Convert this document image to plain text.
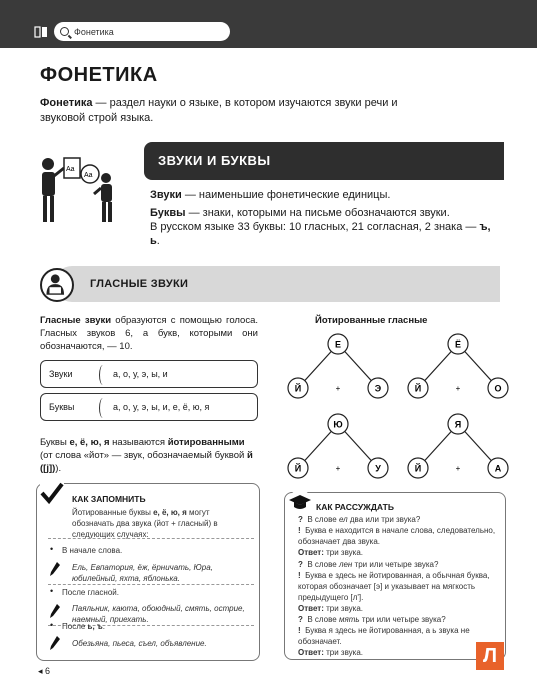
Фонетика
ФОНЕТИКА
Фонетика — раздел науки о языке, в котором изучаются звуки речи и звуковой строй языка.
Aa
Aa
ЗВУКИ И БУКВЫ

Звуки — наименьшие фонетические единицы.

Буквы — знаки, которыми на письме обозначаются звуки.

В русском языке 33 буквы: 10 гласных, 21 согласная, 2 знака — ъ, ь.

ГЛАСНЫЕ ЗВУКИ
Гласные звуки образуются с помощью голоса. Гласных звуков 6, а букв, которыми они обозначаются, — 10.
Звуки	а, о, у, э, ы, и
Буквы	а, о, у, э, ы, и, е, ё, ю, я
Буквы е, ё, ю, я называются йотированными (от слова «йот» — звук, обозначаемый буквой й ([j])).
Йотированные гласные
Е
Й	Э
+
Ё
Й	О
+
Ю
Й	У
+
Я
Й	А
+
КАК ЗАПОМНИТЬ
Йотированные буквы е, ё, ю, я могут обозначать два звука (йот + гласный) в следующих случаях:
• В начале слова.
Ель, Евпатория, ёж, ёрничать, Юра, юбилейный, яхта, яблонька.
• После гласной.
Паяльник, каюта, обоюдный, смять, острие, наемный, приехать.
• После ь, ъ.
Обезьяна, пьеса, съел, объявление.
КАК РАССУЖДАТЬ
? В слове ел два или три звука?
! Буква е находится в начале слова, следовательно, обозначает два звука.
Ответ: три звука.
? В слове лен три или четыре звука?
! Буква е здесь не йотированная, а обычная буква, которая обозначает [э] и указывает на мягкость предыдущего [л'].
Ответ: три звука.
? В слове мять три или четыре звука?
! Буква я здесь не йотированная, а ь звука не обозначает.
Ответ: три звука.
◂ 6
Л
